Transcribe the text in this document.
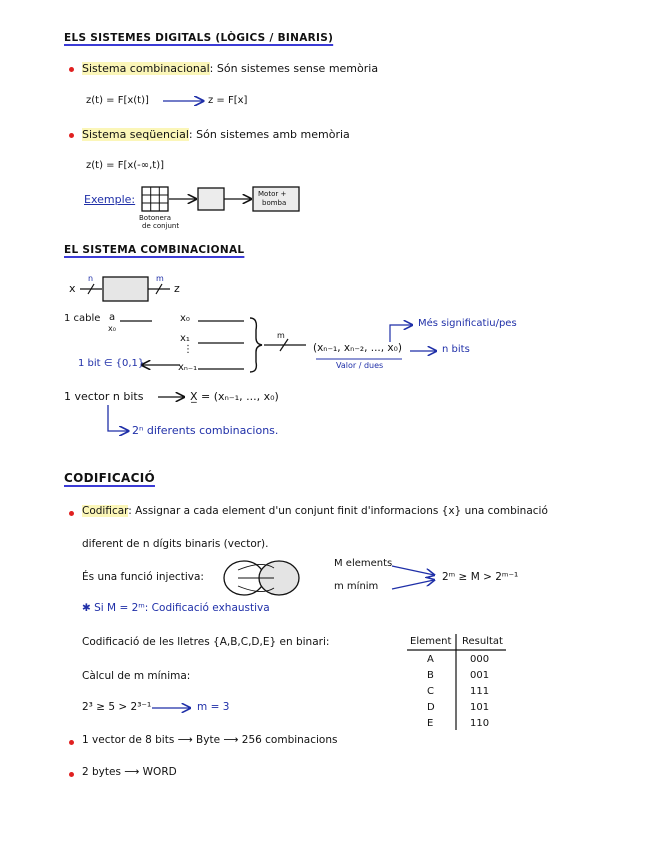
ELS SISTEMES DIGITALS (LÒGICS / BINARIS)
Sistema combinacional: Són sistemes sense memòria
z(t) = F[x(t)]	z = F[x]
Sistema seqüencial: Són sistemes amb memòria
z(t) = F[x(-∞,t)]
Exemple:
Botonera
de conjunt
Motor +
bomba
EL SISTEMA COMBINACIONAL
x
n	m
z
1 cable a
x₀
x₀
x₁
⋮
xₙ₋₁
1 bit ∈ {0,1}
m
(xₙ₋₁, xₙ₋₂, ..., x₀)	n bits
Més significatiu/pes
Valor / dues
1 vector n bits	X̲ = (xₙ₋₁, ..., x₀)
2ⁿ diferents combinacions.
CODIFICACIÓ
Codificar: Assignar a cada element d'un conjunt finit d'informacions {x} una combinació
diferent de n dígits binaris (vector).
És una funció injectiva:
M elements
m mínim
2ᵐ ≥ M > 2ᵐ⁻¹
✱ Si M = 2ᵐ: Codificació exhaustiva
Codificació de les lletres {A,B,C,D,E} en binari:
Càlcul de m mínima:
2³ ≥ 5 > 2³⁻¹	m = 3
Element Resultat
A	000
B	001
C	111
D	101
E	110
1 vector de 8 bits ⟶ Byte ⟶ 256 combinacions
2 bytes ⟶ WORD
